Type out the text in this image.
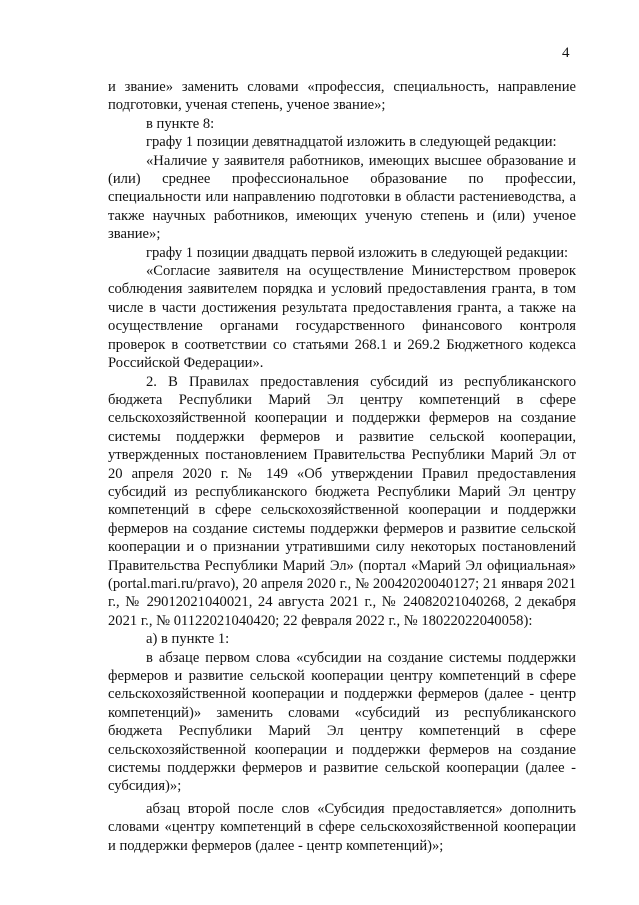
4

и звание» заменить словами «профессия, специальность, направление подготовки, ученая степень, ученое звание»;

в пункте 8:

графу 1 позиции девятнадцатой изложить в следующей редакции:

«Наличие у заявителя работников, имеющих высшее образование и (или) среднее профессиональное образование по профессии, специальности или направлению подготовки в области растениеводства, а также научных работников, имеющих ученую степень и (или) ученое звание»;

графу 1 позиции двадцать первой изложить в следующей редакции:

«Согласие заявителя на осуществление Министерством проверок соблюдения заявителем порядка и условий предоставления гранта, в том числе в части достижения результата предоставления гранта, а также на осуществление органами государственного финансового контроля проверок в соответствии со статьями 268.1 и 269.2 Бюджетного кодекса Российской Федерации».

2. В Правилах предоставления субсидий из республиканского бюджета Республики Марий Эл центру компетенций в сфере сельскохозяйственной кооперации и поддержки фермеров на создание системы поддержки фермеров и развитие сельской кооперации, утвержденных постановлением Правительства Республики Марий Эл от 20 апреля 2020 г. № 149 «Об утверждении Правил предоставления субсидий из республиканского бюджета Республики Марий Эл центру компетенций в сфере сельскохозяйственной кооперации и поддержки фермеров на создание системы поддержки фермеров и развитие сельской кооперации и о признании утратившими силу некоторых постановлений Правительства Республики Марий Эл» (портал «Марий Эл официальная» (portal.mari.ru/pravo), 20 апреля 2020 г., № 20042020040127; 21 января 2021 г., № 29012021040021, 24 августа 2021 г., № 24082021040268, 2 декабря 2021 г., № 01122021040420; 22 февраля 2022 г., № 18022022040058):

а) в пункте 1:

в абзаце первом слова «субсидии на создание системы поддержки фермеров и развитие сельской кооперации центру компетенций в сфере сельскохозяйственной кооперации и поддержки фермеров (далее - центр компетенций)» заменить словами «субсидий из республиканского бюджета Республики Марий Эл центру компетенций в сфере сельскохозяйственной кооперации и поддержки фермеров на создание системы поддержки фермеров и развитие сельской кооперации (далее - субсидия)»;

абзац второй после слов «Субсидия предоставляется» дополнить словами «центру компетенций в сфере сельскохозяйственной кооперации и поддержки фермеров (далее - центр компетенций)»;
